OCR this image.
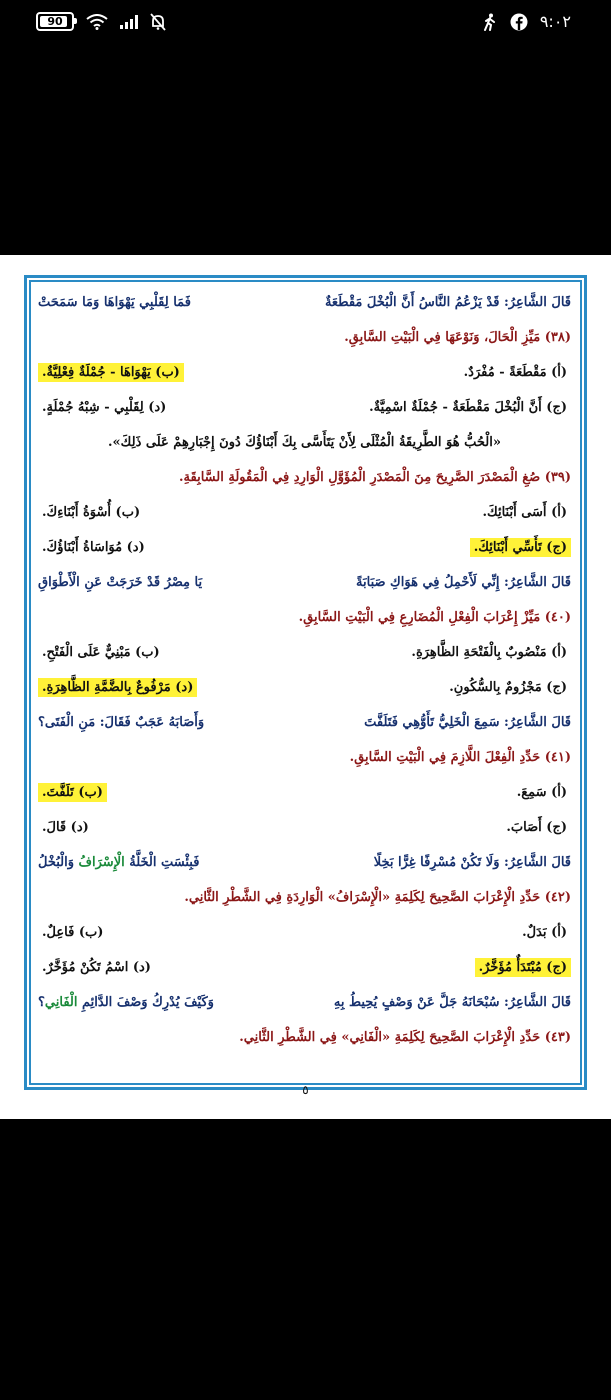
90	٩:٠٢
قَالَ الشَّاعِرُ: قَدْ يَزْعُمُ النَّاسُ أَنَّ الْبُخْلَ مَقْطَعَةٌ
فَمَا لِقَلْبِي يَهْوَاهَا وَمَا سَمَحَتْ
(٣٨) مَيِّزِ الْحَالَ، وَنَوْعَهَا فِي الْبَيْتِ السَّابِقِ.
(أ) مَقْطَعَةً - مُفْرَدٌ.
(ب) يَهْوَاهَا - جُمْلَةٌ فِعْلِيَّةٌ.
(ج) أَنَّ الْبُخْلَ مَقْطَعَةٌ - جُمْلَةٌ اسْمِيَّةٌ.
(د) لِقَلْبِي - شِبْهُ جُمْلَةٍ.
«الْحُبُّ هُوَ الطَّرِيقَةُ الْمُثْلَى لِأَنْ يَتَأَسَّى بِكَ أَبْنَاؤُكَ دُونَ إِجْبَارِهِمْ عَلَى ذَلِكَ».
(٣٩) صُغِ الْمَصْدَرَ الصَّرِيحَ مِنَ الْمَصْدَرِ الْمُؤَوَّلِ الْوَارِدِ فِي الْمَقُولَةِ السَّابِقَةِ.
(أ) أَسَى أَبْنَائِكَ.
(ب) أُسْوَةُ أَبْنَاءِكَ.
(ج) تَأَسِّي أَبْنَائِكَ.
(د) مُوَاسَاةُ أَبْنَاؤُكَ.
قَالَ الشَّاعِرُ: إِنِّي لَأَحْمِلُ فِي هَوَاكِ صَبَابَةً
يَا مِصْرُ قَدْ خَرَجَتْ عَنِ الْأَطْوَاقِ
(٤٠) مَيِّزْ إِعْرَابَ الْفِعْلِ الْمُضَارِعِ فِي الْبَيْتِ السَّابِقِ.
(أ) مَنْصُوبٌ بِالْفَتْحَةِ الظَّاهِرَةِ.
(ب) مَبْنِيٌّ عَلَى الْفَتْحِ.
(ج) مَجْزُومٌ بِالسُّكُونِ.
(د) مَرْفُوعٌ بِالضَّمَّةِ الظَّاهِرَةِ.
قَالَ الشَّاعِرُ: سَمِعَ الْخَلِيُّ تَأَوُّهِي فَتَلَفَّتَ
وَأَصَابَهُ عَجَبٌ فَقَالَ: مَنِ الْفَتَى؟
(٤١) حَدِّدِ الْفِعْلَ اللَّازِمَ فِي الْبَيْتِ السَّابِقِ.
(أ) سَمِعَ.
(ب) تَلَفَّتَ.
(ج) أَصَابَ.
(د) قَالَ.
قَالَ الشَّاعِرُ: وَلَا تَكُنْ مُسْرِفًا غِرًّا بَخِلًا
فَبِئْسَتِ الْخَلَّةُ الْإِسْرَافُ وَالْبُخْلُ
(٤٢) حَدِّدِ الْإِعْرَابَ الصَّحِيحَ لِكَلِمَةِ «الْإِسْرَافُ» الْوَارِدَةِ فِي الشَّطْرِ الثَّانِي.
(أ) بَدَلٌ.
(ب) فَاعِلٌ.
(ج) مُبْتَدَأٌ مُؤَخَّرٌ.
(د) اسْمُ تَكُنْ مُؤَخَّرٌ.
قَالَ الشَّاعِرُ: سُبْحَانَهُ جَلَّ عَنْ وَصْفٍ يُحِيطُ بِهِ
وَكَيْفَ يُدْرِكُ وَصْفَ الدَّائِمِ الْفَانِي؟
(٤٣) حَدِّدِ الْإِعْرَابَ الصَّحِيحَ لِكَلِمَةِ «الْفَانِي» فِي الشَّطْرِ الثَّانِي.
٥
